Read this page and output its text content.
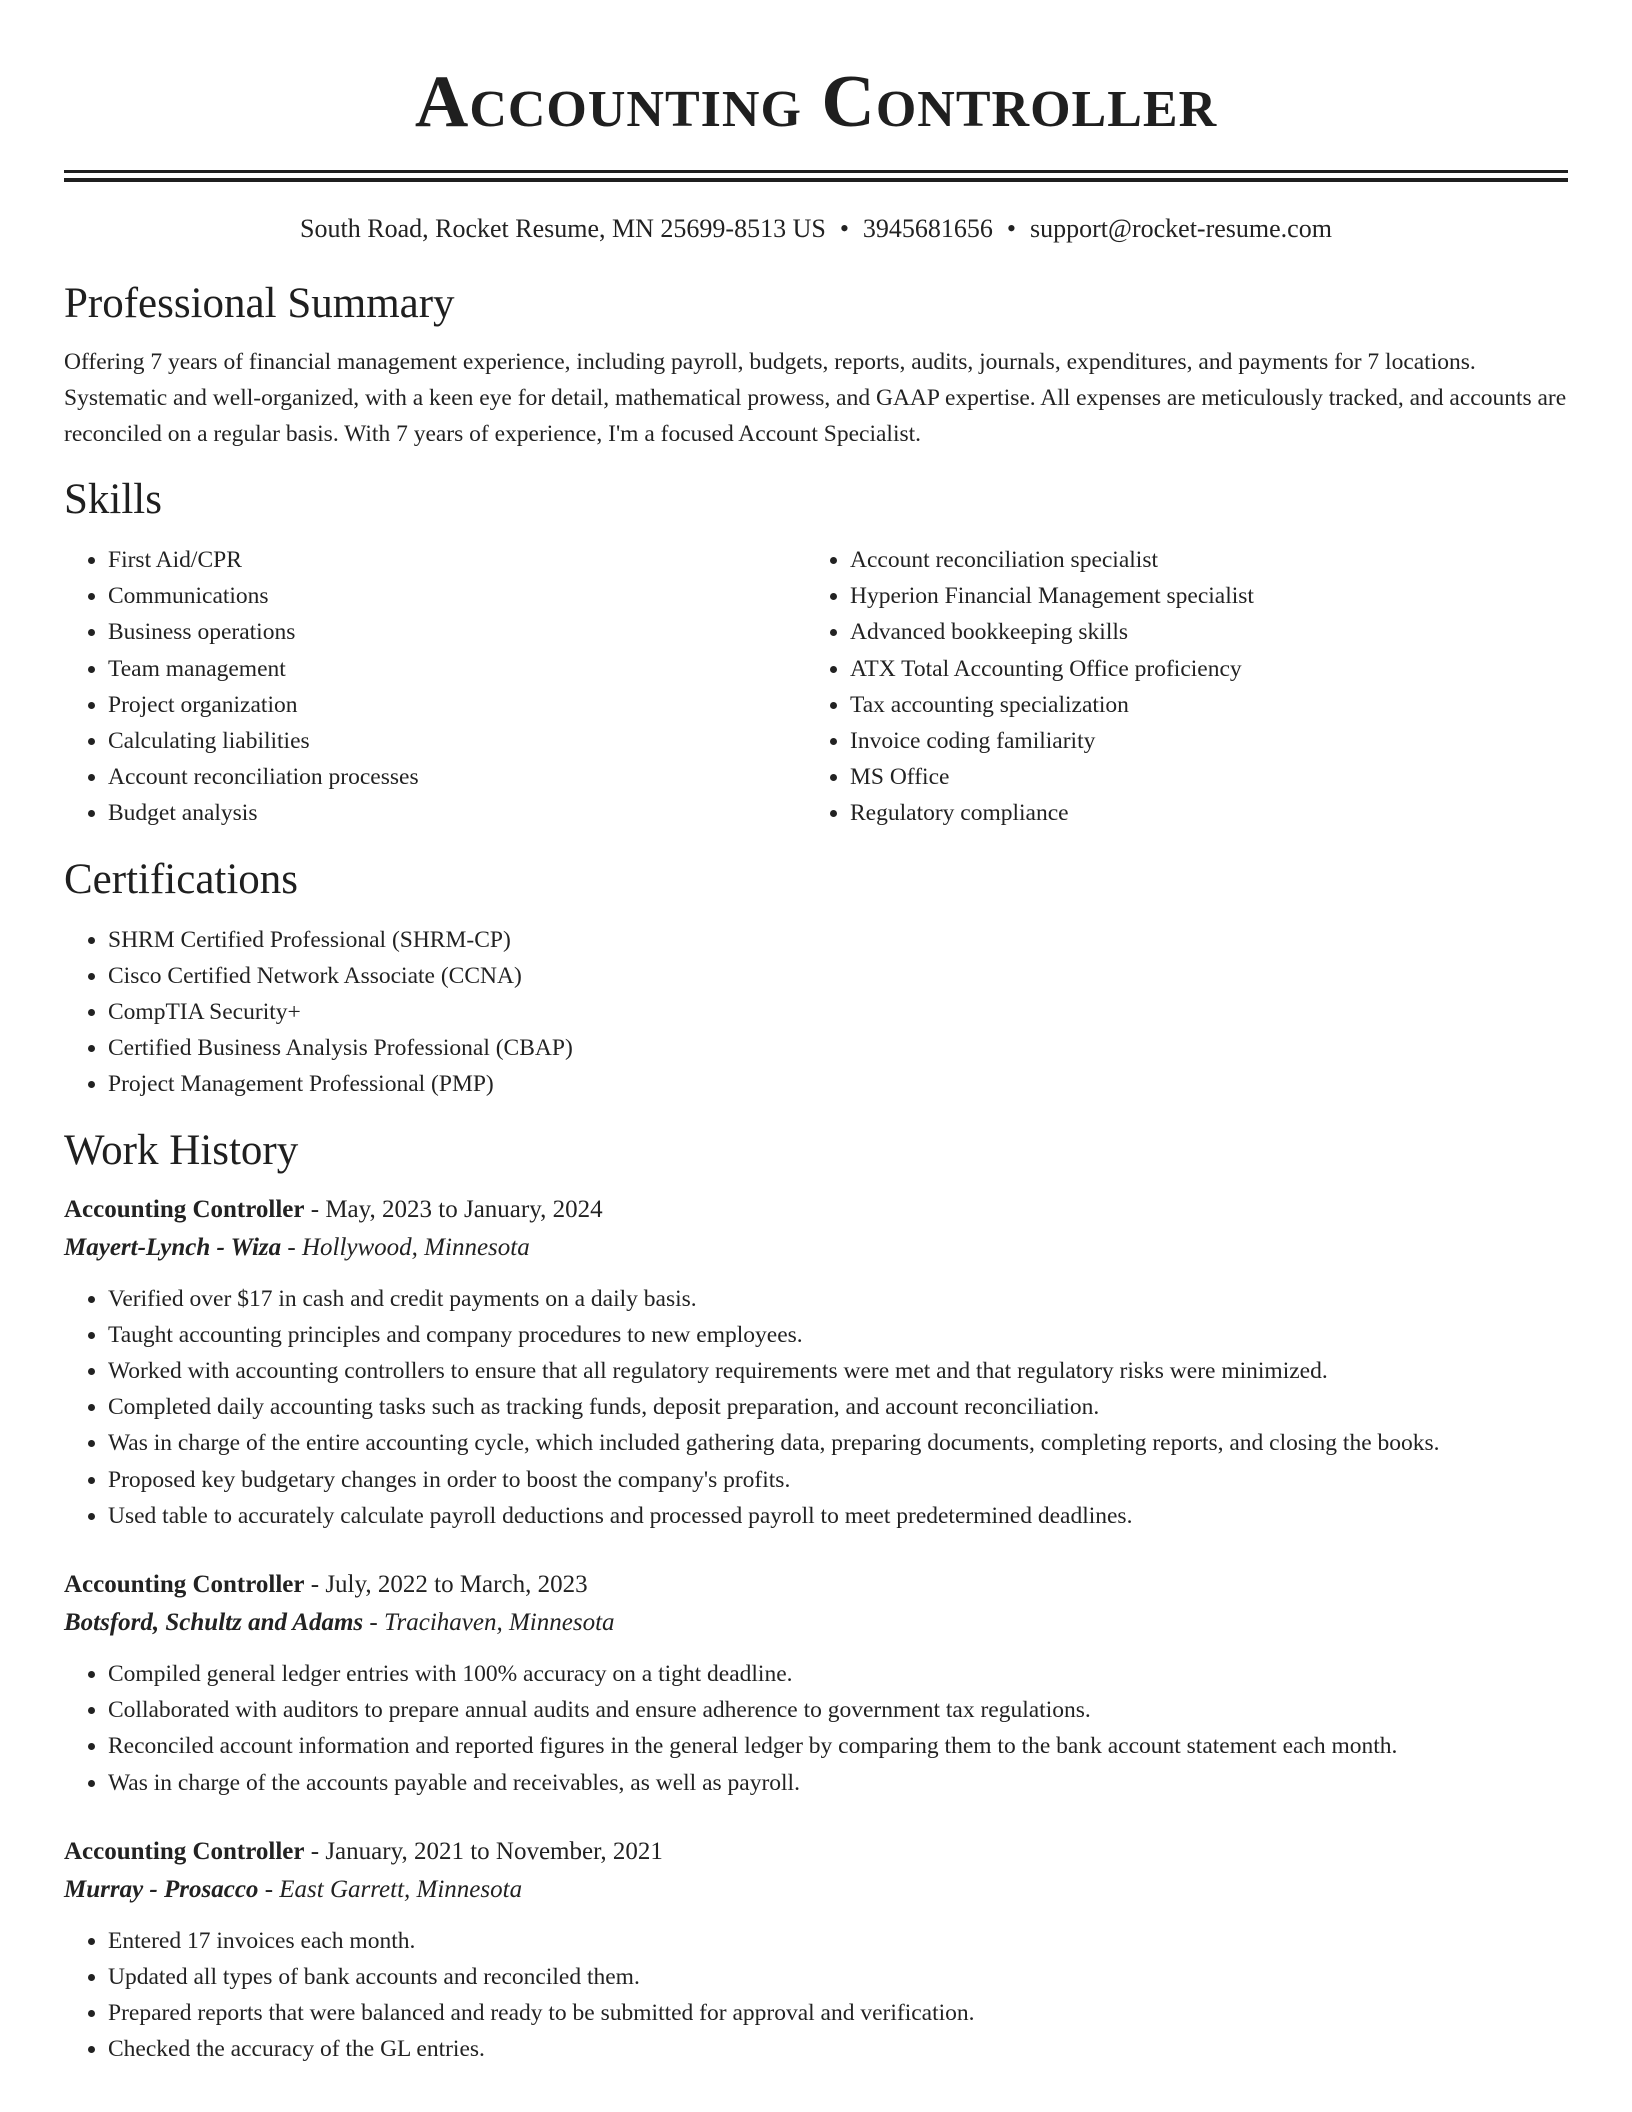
Accounting Controller
South Road, Rocket Resume, MN 25699-8513 US • 3945681656 • support@rocket-resume.com
Professional Summary
Offering 7 years of financial management experience, including payroll, budgets, reports, audits, journals, expenditures, and payments for 7 locations. Systematic and well-organized, with a keen eye for detail, mathematical prowess, and GAAP expertise. All expenses are meticulously tracked, and accounts are reconciled on a regular basis. With 7 years of experience, I'm a focused Account Specialist.
Skills
• First Aid/CPR
• Communications
• Business operations
• Team management
• Project organization
• Calculating liabilities
• Account reconciliation processes
• Budget analysis
• Account reconciliation specialist
• Hyperion Financial Management specialist
• Advanced bookkeeping skills
• ATX Total Accounting Office proficiency
• Tax accounting specialization
• Invoice coding familiarity
• MS Office
• Regulatory compliance
Certifications
• SHRM Certified Professional (SHRM-CP)
• Cisco Certified Network Associate (CCNA)
• CompTIA Security+
• Certified Business Analysis Professional (CBAP)
• Project Management Professional (PMP)
Work History
Accounting Controller - May, 2023 to January, 2024
Mayert-Lynch - Wiza - Hollywood, Minnesota
• Verified over $17 in cash and credit payments on a daily basis.
• Taught accounting principles and company procedures to new employees.
• Worked with accounting controllers to ensure that all regulatory requirements were met and that regulatory risks were minimized.
• Completed daily accounting tasks such as tracking funds, deposit preparation, and account reconciliation.
• Was in charge of the entire accounting cycle, which included gathering data, preparing documents, completing reports, and closing the books.
• Proposed key budgetary changes in order to boost the company's profits.
• Used table to accurately calculate payroll deductions and processed payroll to meet predetermined deadlines.
Accounting Controller - July, 2022 to March, 2023
Botsford, Schultz and Adams - Tracihaven, Minnesota
• Compiled general ledger entries with 100% accuracy on a tight deadline.
• Collaborated with auditors to prepare annual audits and ensure adherence to government tax regulations.
• Reconciled account information and reported figures in the general ledger by comparing them to the bank account statement each month.
• Was in charge of the accounts payable and receivables, as well as payroll.
Accounting Controller - January, 2021 to November, 2021
Murray - Prosacco - East Garrett, Minnesota
• Entered 17 invoices each month.
• Updated all types of bank accounts and reconciled them.
• Prepared reports that were balanced and ready to be submitted for approval and verification.
• Checked the accuracy of the GL entries.
